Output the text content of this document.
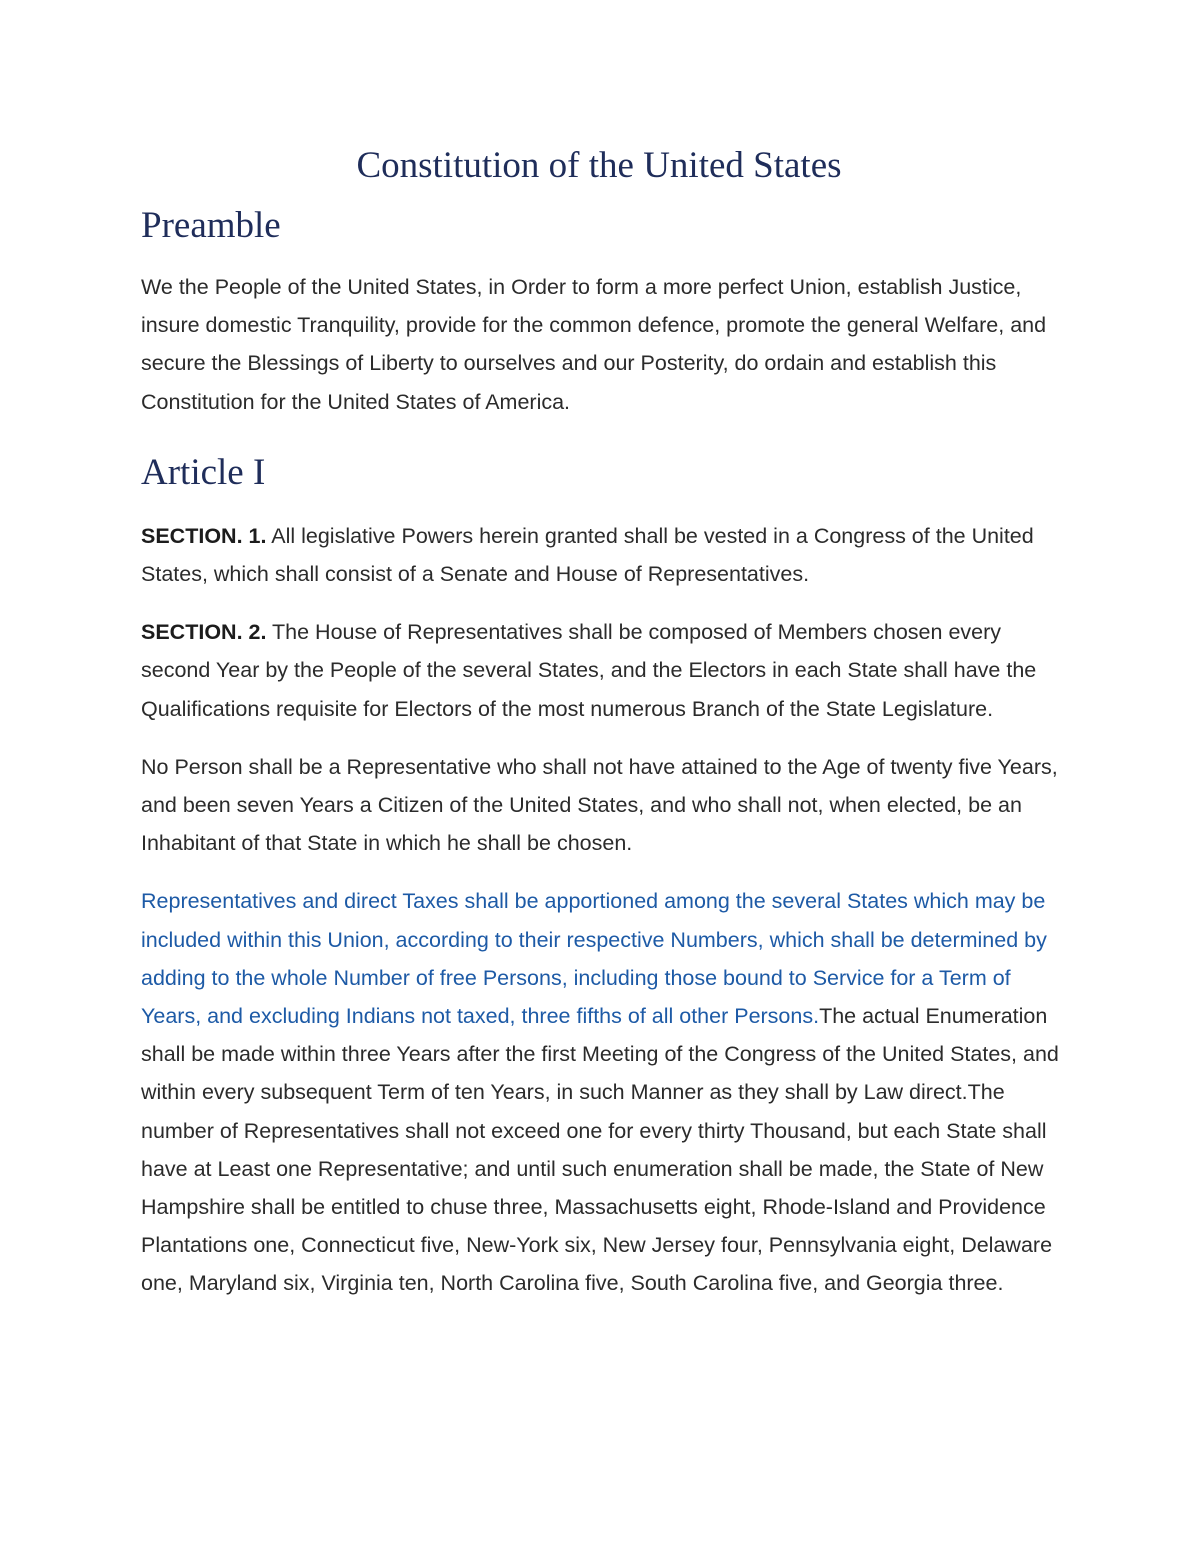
Constitution of the United States
Preamble

We the People of the United States, in Order to form a more perfect Union, establish Justice, insure domestic Tranquility, provide for the common defence, promote the general Welfare, and secure the Blessings of Liberty to ourselves and our Posterity, do ordain and establish this Constitution for the United States of America.

Article I

SECTION. 1. All legislative Powers herein granted shall be vested in a Congress of the United States, which shall consist of a Senate and House of Representatives.

SECTION. 2. The House of Representatives shall be composed of Members chosen every second Year by the People of the several States, and the Electors in each State shall have the Qualifications requisite for Electors of the most numerous Branch of the State Legislature.

No Person shall be a Representative who shall not have attained to the Age of twenty five Years, and been seven Years a Citizen of the United States, and who shall not, when elected, be an Inhabitant of that State in which he shall be chosen.

Representatives and direct Taxes shall be apportioned among the several States which may be included within this Union, according to their respective Numbers, which shall be determined by adding to the whole Number of free Persons, including those bound to Service for a Term of Years, and excluding Indians not taxed, three fifths of all other Persons.The actual Enumeration shall be made within three Years after the first Meeting of the Congress of the United States, and within every subsequent Term of ten Years, in such Manner as they shall by Law direct.The number of Representatives shall not exceed one for every thirty Thousand, but each State shall have at Least one Representative; and until such enumeration shall be made, the State of New Hampshire shall be entitled to chuse three, Massachusetts eight, Rhode-Island and Providence Plantations one, Connecticut five, New-York six, New Jersey four, Pennsylvania eight, Delaware one, Maryland six, Virginia ten, North Carolina five, South Carolina five, and Georgia three.
